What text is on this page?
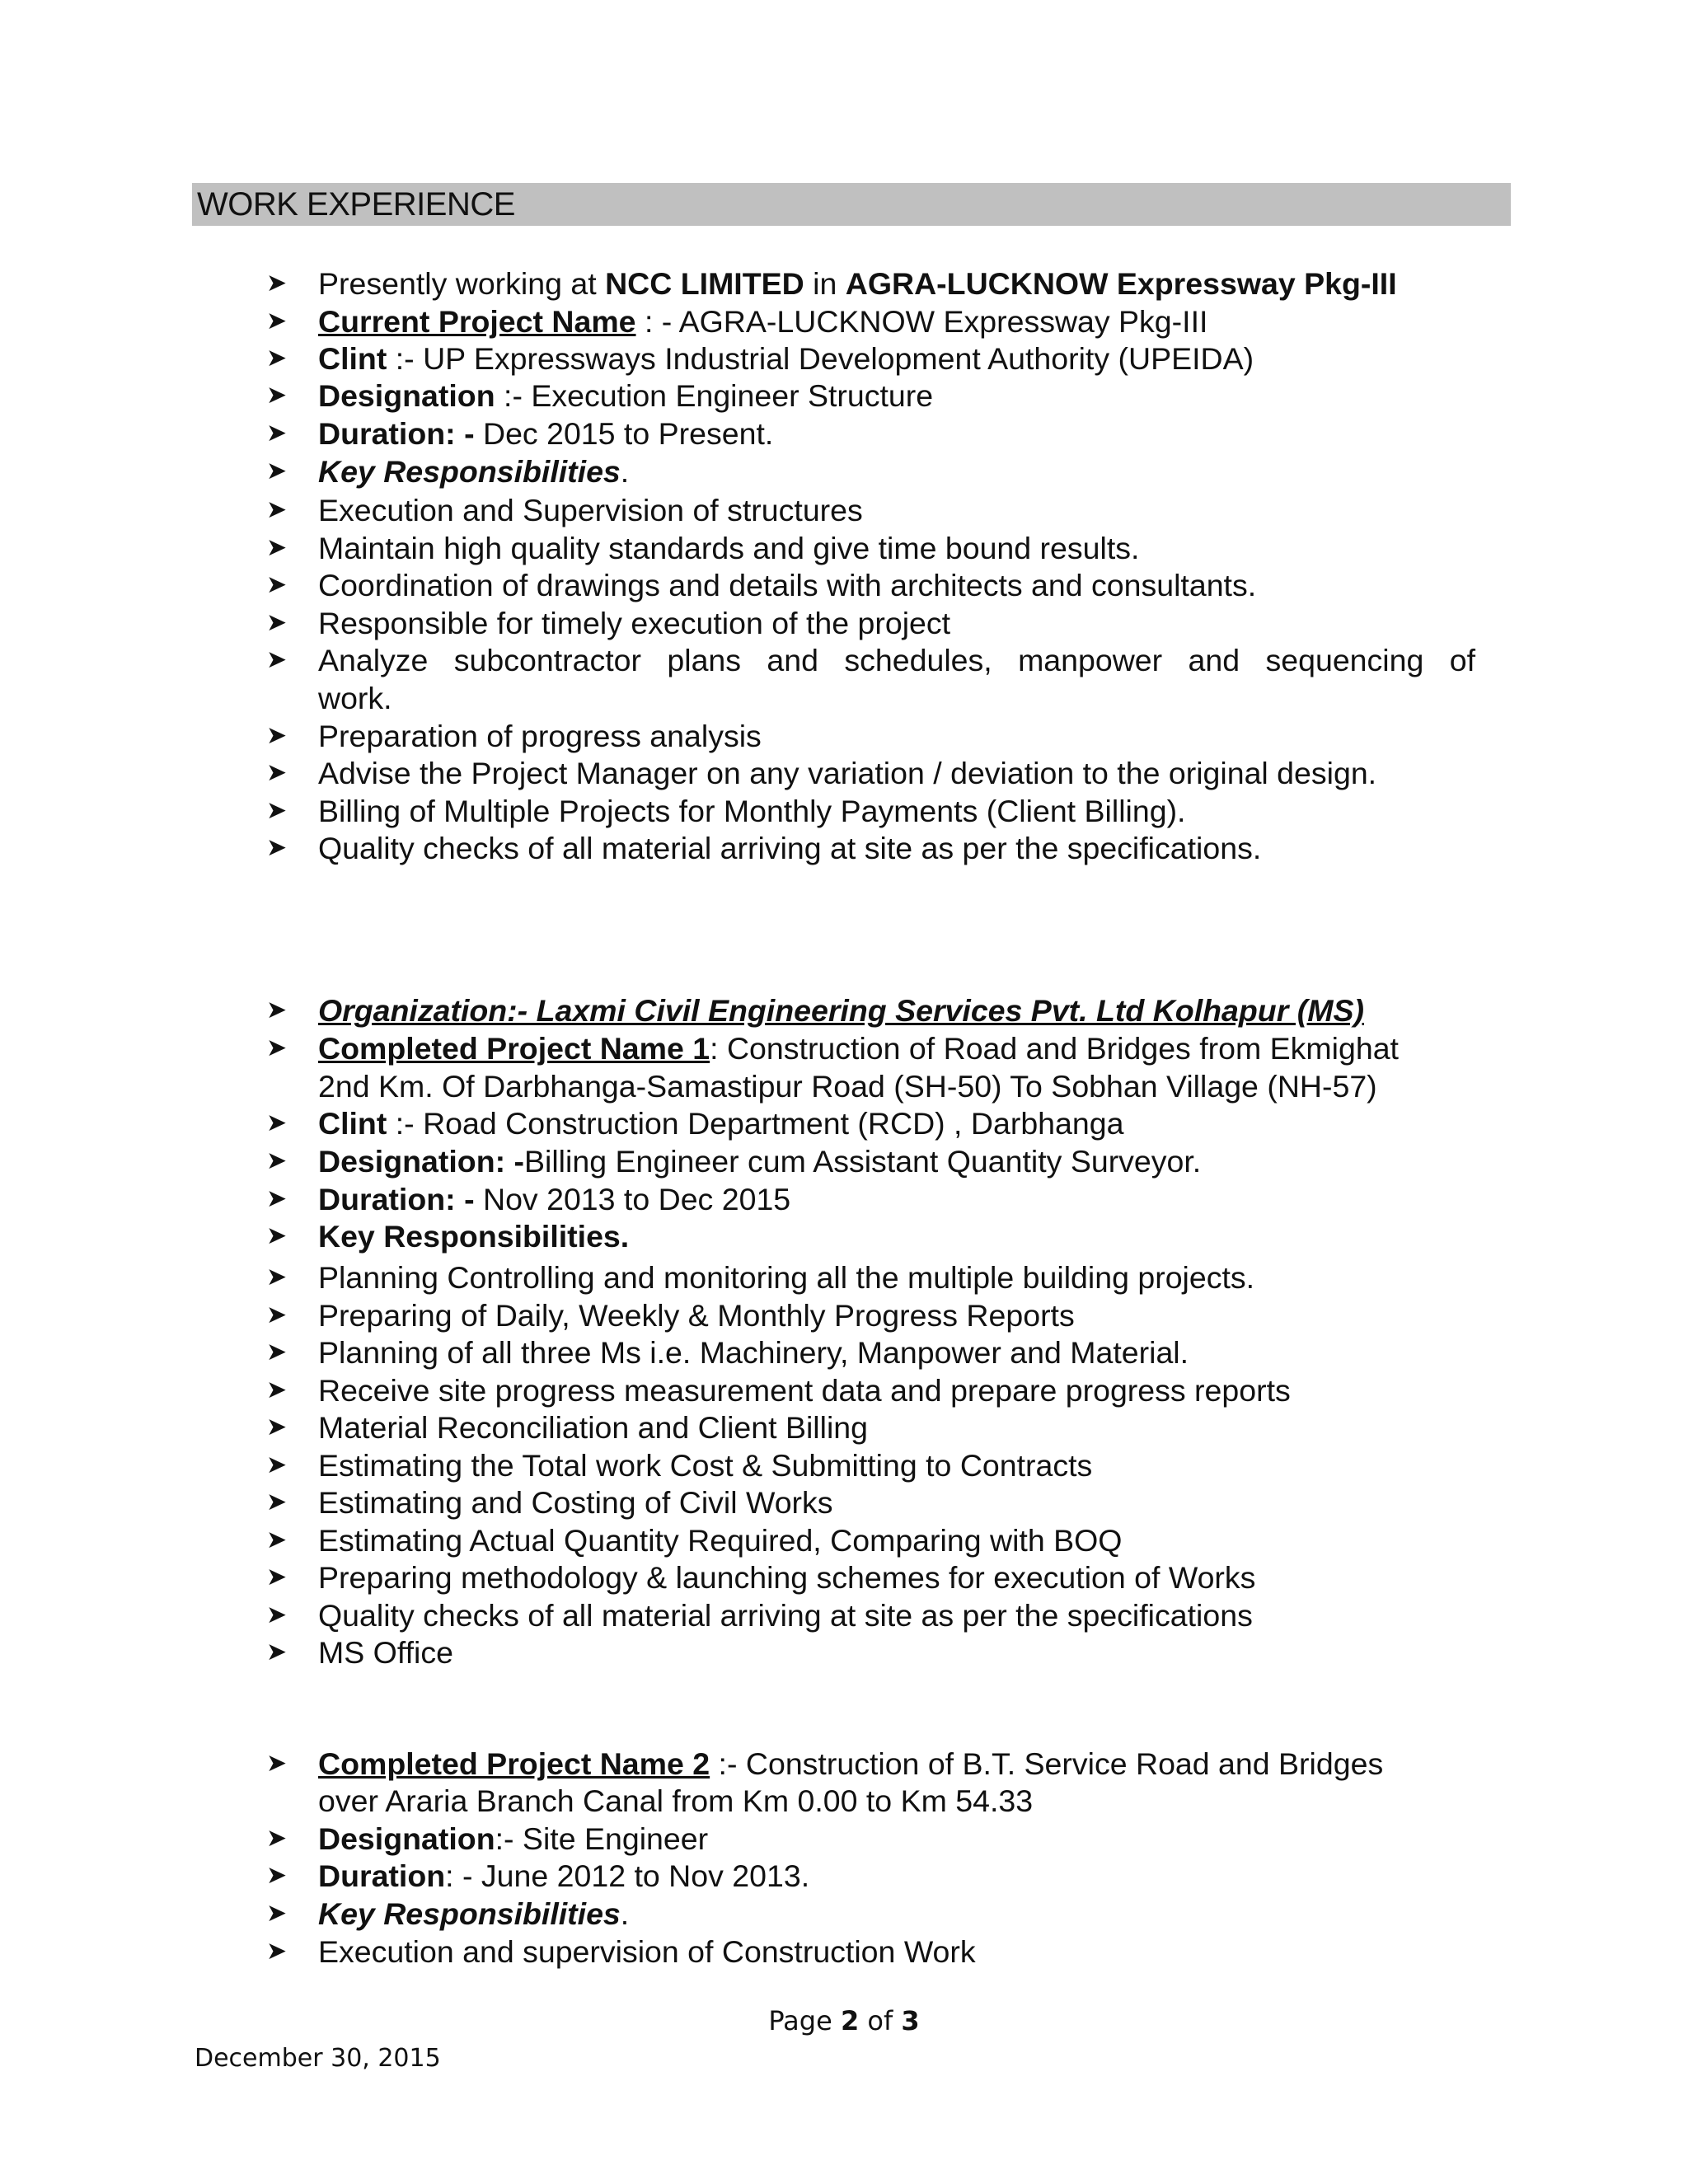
WORK EXPERIENCE
➤ Presently working at NCC LIMITED in AGRA-LUCKNOW Expressway Pkg-III
➤ Current Project Name : - AGRA-LUCKNOW Expressway Pkg-III
➤ Clint :- UP Expressways Industrial Development Authority (UPEIDA)
➤ Designation :- Execution Engineer Structure
➤ Duration: - Dec 2015 to Present.
➤ Key Responsibilities.
➤ Execution and Supervision of structures
➤ Maintain high quality standards and give time bound results.
➤ Coordination of drawings and details with architects and consultants.
➤ Responsible for timely execution of the project
➤ Analyze subcontractor plans and schedules, manpower and sequencing of
work.
➤ Preparation of progress analysis
➤ Advise the Project Manager on any variation / deviation to the original design.
➤ Billing of Multiple Projects for Monthly Payments (Client Billing).
➤ Quality checks of all material arriving at site as per the specifications.
➤ Organization:- Laxmi Civil Engineering Services Pvt. Ltd Kolhapur (MS)
➤ Completed Project Name 1: Construction of Road and Bridges from Ekmighat
2nd Km. Of Darbhanga-Samastipur Road (SH-50) To Sobhan Village (NH-57)
➤ Clint :- Road Construction Department (RCD) , Darbhanga
➤ Designation: -Billing Engineer cum Assistant Quantity Surveyor.
➤ Duration: - Nov 2013 to Dec 2015
➤ Key Responsibilities.
➤ Planning Controlling and monitoring all the multiple building projects.
➤ Preparing of Daily, Weekly & Monthly Progress Reports
➤ Planning of all three Ms i.e. Machinery, Manpower and Material.
➤ Receive site progress measurement data and prepare progress reports
➤ Material Reconciliation and Client Billing
➤ Estimating the Total work Cost & Submitting to Contracts
➤ Estimating and Costing of Civil Works
➤ Estimating Actual Quantity Required, Comparing with BOQ
➤ Preparing methodology & launching schemes for execution of Works
➤ Quality checks of all material arriving at site as per the specifications
➤ MS Office
➤ Completed Project Name 2 :- Construction of B.T. Service Road and Bridges
over Araria Branch Canal from Km 0.00 to Km 54.33
➤ Designation:- Site Engineer
➤ Duration: - June 2012 to Nov 2013.
➤ Key Responsibilities.
➤ Execution and supervision of Construction Work
Page 2 of 3
December 30, 2015
